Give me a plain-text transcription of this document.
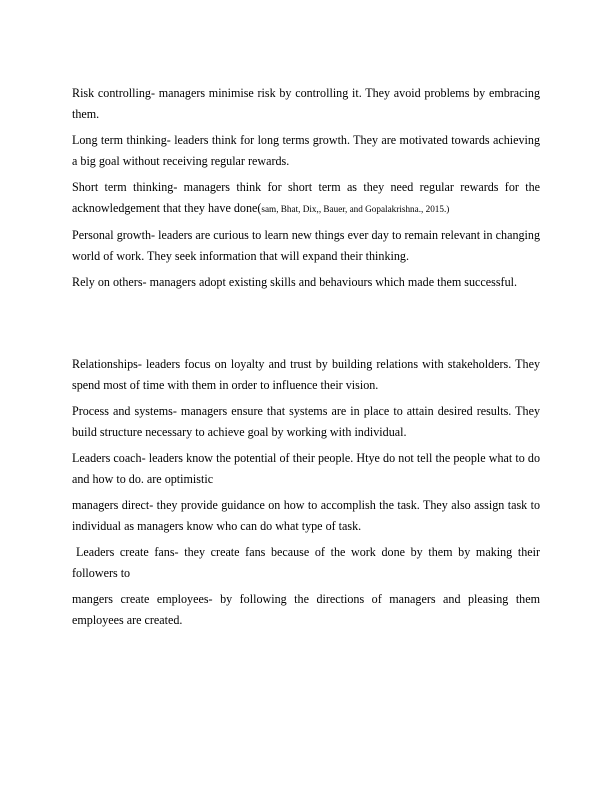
Risk controlling- managers minimise risk by controlling it. They avoid problems by embracing them.

Long term thinking- leaders think for long terms growth. They are motivated towards achieving a big goal without receiving regular rewards.

Short term thinking- managers think for short term as they need regular rewards for the acknowledgement that they have done(sam, Bhat, Dix,, Bauer, and Gopalakrishna., 2015.)

Personal growth- leaders are curious to learn new things ever day to remain relevant in changing world of work. They seek information that will expand their thinking.

Rely on others- managers adopt existing skills and behaviours which made them successful.

Relationships- leaders focus on loyalty and trust by building relations with stakeholders. They spend most of time with them in order to influence their vision.

Process and systems- managers ensure that systems are in place to attain desired results. They build structure necessary to achieve goal by working with individual.

Leaders coach- leaders know the potential of their people. Htye do not tell the people what to do and how to do. are optimistic

managers direct- they provide guidance on how to accomplish the task. They also assign task to individual as managers know who can do what type of task.

Leaders create fans- they create fans because of the work done by them by making their followers to

mangers create employees- by following the directions of managers and pleasing them employees are created.
